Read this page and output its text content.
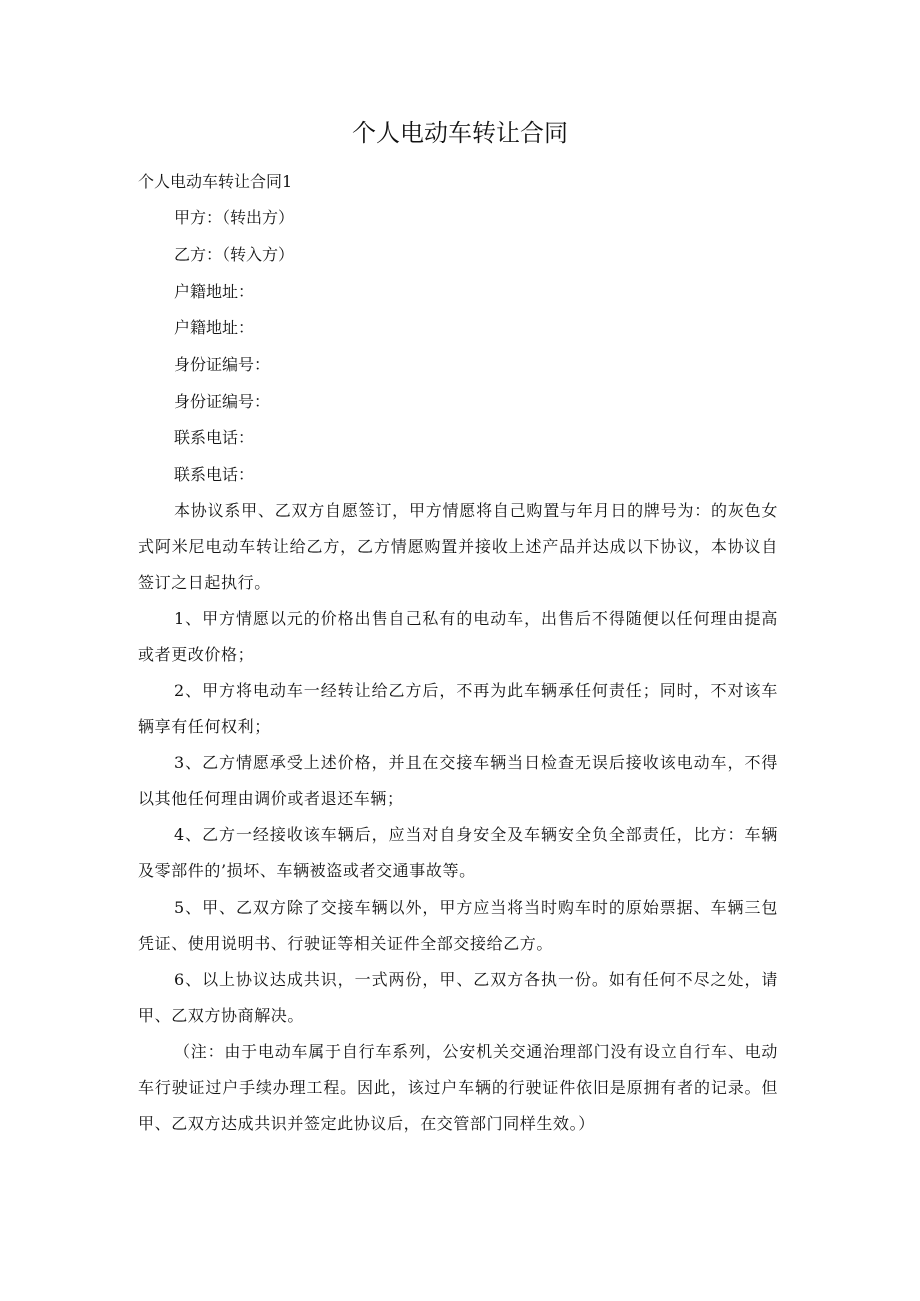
个人电动车转让合同
个人电动车转让合同1
甲方：（转出方）
乙方：（转入方）
户籍地址：
户籍地址：
身份证编号：
身份证编号：
联系电话：
联系电话：

本协议系甲、乙双方自愿签订，甲方情愿将自己购置与年月日的牌号为：的灰色女式阿米尼电动车转让给乙方，乙方情愿购置并接收上述产品并达成以下协议，本协议自签订之日起执行。

1、甲方情愿以元的价格出售自己私有的电动车，出售后不得随便以任何理由提高或者更改价格；

2、甲方将电动车一经转让给乙方后，不再为此车辆承任何责任；同时，不对该车辆享有任何权利；

3、乙方情愿承受上述价格，并且在交接车辆当日检查无误后接收该电动车，不得以其他任何理由调价或者退还车辆；

4、乙方一经接收该车辆后，应当对自身安全及车辆安全负全部责任，比方：车辆及零部件的’损坏、车辆被盗或者交通事故等。

5、甲、乙双方除了交接车辆以外，甲方应当将当时购车时的原始票据、车辆三包凭证、使用说明书、行驶证等相关证件全部交接给乙方。

6、以上协议达成共识，一式两份，甲、乙双方各执一份。如有任何不尽之处，请甲、乙双方协商解决。

（注：由于电动车属于自行车系列，公安机关交通治理部门没有设立自行车、电动车行驶证过户手续办理工程。因此，该过户车辆的行驶证件依旧是原拥有者的记录。但甲、乙双方达成共识并签定此协议后，在交管部门同样生效。）
